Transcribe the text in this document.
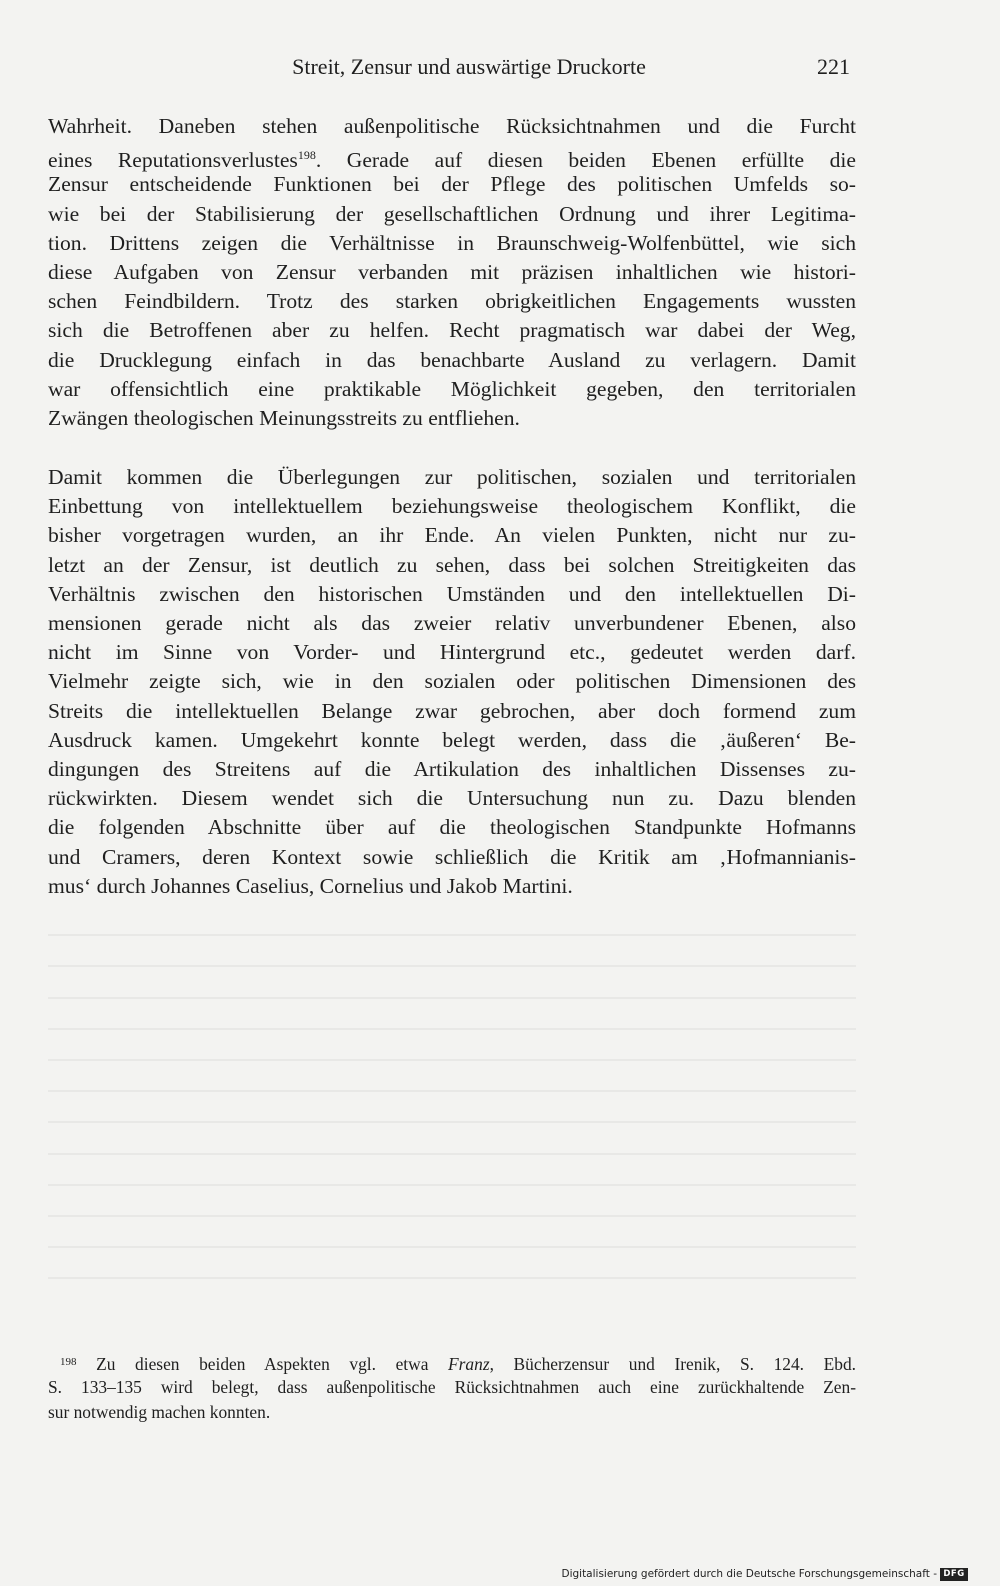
Streit, Zensur und auswärtige Druckorte	221
Wahrheit. Daneben stehen außenpolitische Rücksichtnahmen und die Furcht
eines Reputationsverlustes$^{198}$. Gerade auf diesen beiden Ebenen erfüllte die
Zensur entscheidende Funktionen bei der Pflege des politischen Umfelds so-
wie bei der Stabilisierung der gesellschaftlichen Ordnung und ihrer Legitima-
tion. Drittens zeigen die Verhältnisse in Braunschweig-Wolfenbüttel, wie sich
diese Aufgaben von Zensur verbanden mit präzisen inhaltlichen wie histori-
schen Feindbildern. Trotz des starken obrigkeitlichen Engagements wussten
sich die Betroffenen aber zu helfen. Recht pragmatisch war dabei der Weg,
die Drucklegung einfach in das benachbarte Ausland zu verlagern. Damit
war offensichtlich eine praktikable Möglichkeit gegeben, den territorialen
Zwängen theologischen Meinungsstreits zu entfliehen.
Damit kommen die Überlegungen zur politischen, sozialen und territorialen
Einbettung von intellektuellem beziehungsweise theologischem Konflikt, die
bisher vorgetragen wurden, an ihr Ende. An vielen Punkten, nicht nur zu-
letzt an der Zensur, ist deutlich zu sehen, dass bei solchen Streitigkeiten das
Verhältnis zwischen den historischen Umständen und den intellektuellen Di-
mensionen gerade nicht als das zweier relativ unverbundener Ebenen, also
nicht im Sinne von Vorder- und Hintergrund etc., gedeutet werden darf.
Vielmehr zeigte sich, wie in den sozialen oder politischen Dimensionen des
Streits die intellektuellen Belange zwar gebrochen, aber doch formend zum
Ausdruck kamen. Umgekehrt konnte belegt werden, dass die ‚äußeren‘ Be-
dingungen des Streitens auf die Artikulation des inhaltlichen Dissenses zu-
rückwirkten. Diesem wendet sich die Untersuchung nun zu. Dazu blenden
die folgenden Abschnitte über auf die theologischen Standpunkte Hofmanns
und Cramers, deren Kontext sowie schließlich die Kritik am ‚Hofmannianis-
mus‘ durch Johannes Caselius, Cornelius und Jakob Martini.
$^{198}$ Zu diesen beiden Aspekten vgl. etwa Franz, Bücherzensur und Irenik, S. 124. Ebd.
S. 133–135 wird belegt, dass außenpolitische Rücksichtnahmen auch eine zurückhaltende Zen-
sur notwendig machen konnten.
Digitalisierung gefördert durch die Deutsche Forschungsgemeinschaft - DFG
